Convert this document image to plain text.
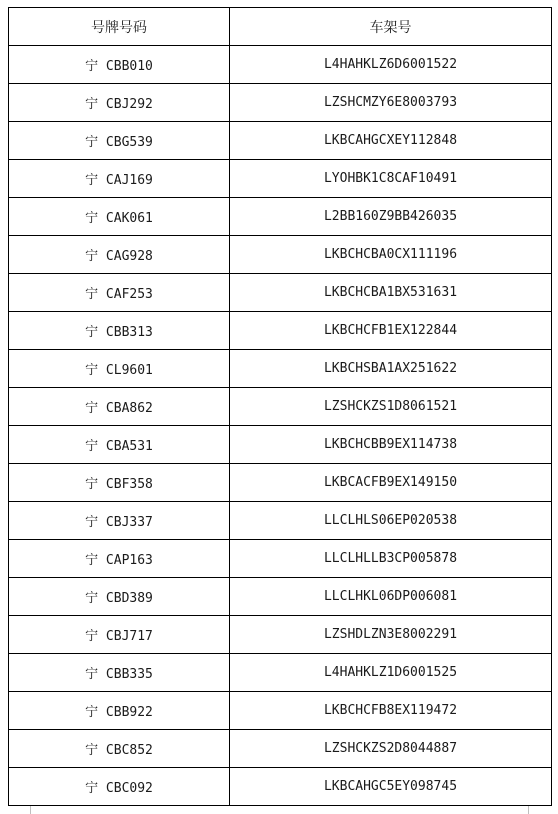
号牌号码	车架号
宁 CBB010	L4HAHKLZ6D6001522
宁 CBJ292	LZSHCMZY6E8003793
宁 CBG539	LKBCAHGCXEY112848
宁 CAJ169	LYOHBK1C8CAF10491
宁 CAK061	L2BB160Z9BB426035
宁 CAG928	LKBCHCBA0CX111196
宁 CAF253	LKBCHCBA1BX531631
宁 CBB313	LKBCHCFB1EX122844
宁 CL9601	LKBCHSBA1AX251622
宁 CBA862	LZSHCKZS1D8061521
宁 CBA531	LKBCHCBB9EX114738
宁 CBF358	LKBCACFB9EX149150
宁 CBJ337	LLCLHLS06EP020538
宁 CAP163	LLCLHLLB3CP005878
宁 CBD389	LLCLHKL06DP006081
宁 CBJ717	LZSHDLZN3E8002291
宁 CBB335	L4HAHKLZ1D6001525
宁 CBB922	LKBCHCFB8EX119472
宁 CBC852	LZSHCKZS2D8044887
宁 CBC092	LKBCAHGC5EY098745
